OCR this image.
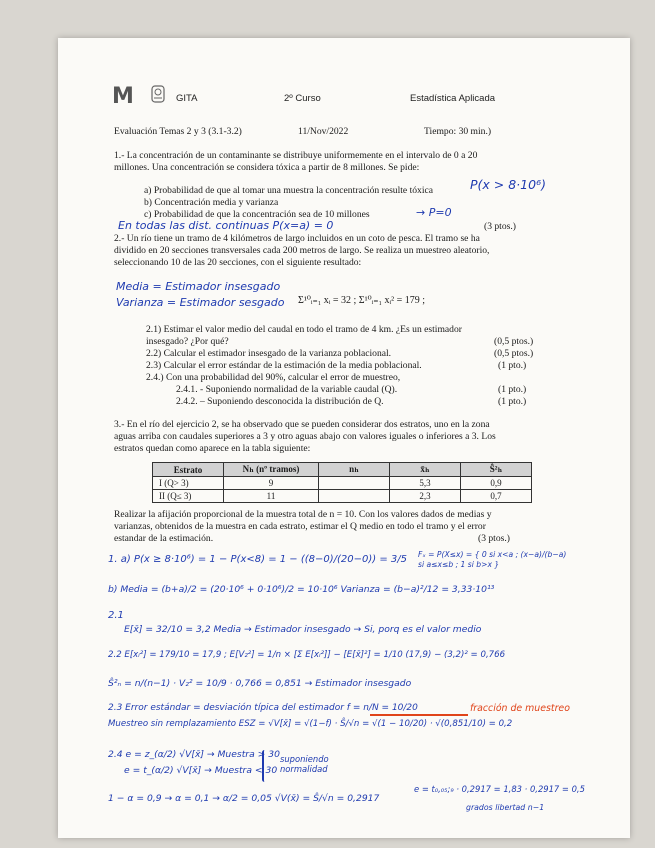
M	GITA	2º Curso	Estadística Aplicada
Evaluación Temas 2 y 3 (3.1-3.2)	11/Nov/2022	Tiempo: 30 min.)
1.- La concentración de un contaminante se distribuye uniformemente en el intervalo de 0 a 20
millones. Una concentración se considera tóxica a partir de 8 millones. Se pide:
a) Probabilidad de que al tomar una muestra la concentración resulte tóxica	P(x > 8·10⁶)
b) Concentración media y varianza
c) Probabilidad de que la concentración sea de 10 millones	→ P=0
En todas las dist. continuas P(x=a) = 0	(3 ptos.)
2.- Un río tiene un tramo de 4 kilómetros de largo incluidos en un coto de pesca. El tramo se ha
dividido en 20 secciones transversales cada 200 metros de largo. Se realiza un muestreo aleatorio,
seleccionando 10 de las 20 secciones, con el siguiente resultado:
Media = Estimador insesgado
Varianza = Estimador sesgado Σ¹⁰ᵢ₌₁ xᵢ = 32 ; Σ¹⁰ᵢ₌₁ xᵢ² = 179 ;
2.1) Estimar el valor medio del caudal en todo el tramo de 4 km. ¿Es un estimador
insesgado? ¿Por qué?	(0,5 ptos.)
2.2) Calcular el estimador insesgado de la varianza poblacional.	(0,5 ptos.)
2.3) Calcular el error estándar de la estimación de la media poblacional.	(1 pto.)
2.4.) Con una probabilidad del 90%, calcular el error de muestreo,
2.4.1. - Suponiendo normalidad de la variable caudal (Q).	(1 pto.)
2.4.2. – Suponiendo desconocida la distribución de Q.	(1 pto.)
3.- En el río del ejercicio 2, se ha observado que se pueden considerar dos estratos, uno en la zona
aguas arriba con caudales superiores a 3 y otro aguas abajo con valores iguales o inferiores a 3. Los
estratos quedan como aparece en la tabla siguiente:
Estrato	Nₕ (nº tramos)	nₕ	x̄ₕ	Ŝ²ₕ
I (Q> 3)	9		5,3	0,9
II (Q≤ 3)	11		2,3	0,7
Realizar la afijación proporcional de la muestra total de n = 10. Con los valores dados de medias y
varianzas, obtenidos de la muestra en cada estrato, estimar el Q medio en todo el tramo y el error
estandar de la estimación.	(3 ptos.)
1. a) P(x ≥ 8·10⁶) = 1 − P(x<8) = 1 − ((8−0)/(20−0)) = 3/5 Fₓ = P(X≤x) = { 0 si x<a ; (x−a)/(b−a) si a≤x≤b ; 1 si b>x }
b) Media = (b+a)/2 = (20·10⁶ + 0·10⁶)/2 = 10·10⁶ Varianza = (b−a)²/12 = 3,33·10¹³
2.1
E[x̄] = 32/10 = 3,2 Media → Estimador insesgado → Si, porq es el valor medio
2.2 E[xᵢ²] = 179/10 = 17,9 ; E[V₂²] = 1/n × [Σ E[xᵢ²]] − [E[x̄]²] = 1/10 (17,9) − (3,2)² = 0,766
Ŝ²ₙ = n/(n−1) · V₂² = 10/9 · 0,766 = 0,851 → Estimador insesgado
2.3 Error estándar = desviación típica del estimador f = n/N = 10/20	fracción de muestreo
Muestreo sin remplazamiento ESZ = √V[x̄] = √(1−f) · Ŝ/√n = √(1 − 10/20) · √(0,851/10) = 0,2
2.4 e = z_(α/2) √V[x̄] → Muestra > 30 suponiendo normalidad
e = t_(α/2) √V[x̄] → Muestra < 30
1 − α = 0,9 → α = 0,1 → α/2 = 0,05 √V(x̄) = Ŝ/√n = 0,2917
e = t₀,₀₅;₉ · 0,2917 = 1,83 · 0,2917 = 0,5
grados libertad n−1
